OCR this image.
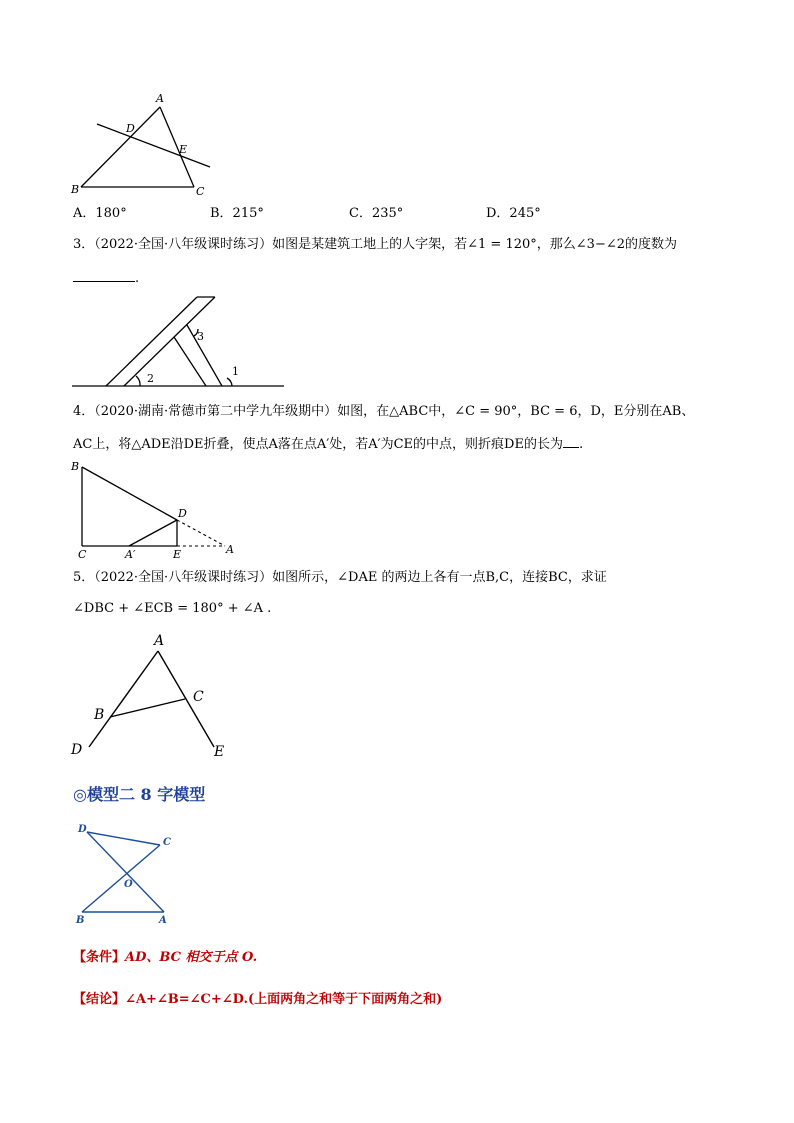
A
D
E
B	C
A．180°	B．215°	C．235°	D．245°
3．（2022·全国·八年级课时练习）如图是某建筑工地上的人字架，若∠1 = 120°，那么∠3−∠2的度数为
.
1
2
3
4．（2020·湖南·常德市第二中学九年级期中）如图，在△ABC中，∠C = 90°，BC = 6，D，E分别在AB、
AC上，将△ADE沿DE折叠，使点A落在点A′处，若A′为CE的中点，则折痕DE的长为 .
B
C	A′	E
D
A
5．（2022·全国·八年级课时练习）如图所示，∠DAE 的两边上各有一点B,C，连接BC，求证
∠DBC + ∠ECB = 180° + ∠A .
A
B
C
D	E
◎模型二 8 字模型
D
C
O
B	A
【条件】AD、BC 相交于点 O.
【结论】∠A+∠B=∠C+∠D.(上面两角之和等于下面两角之和)
